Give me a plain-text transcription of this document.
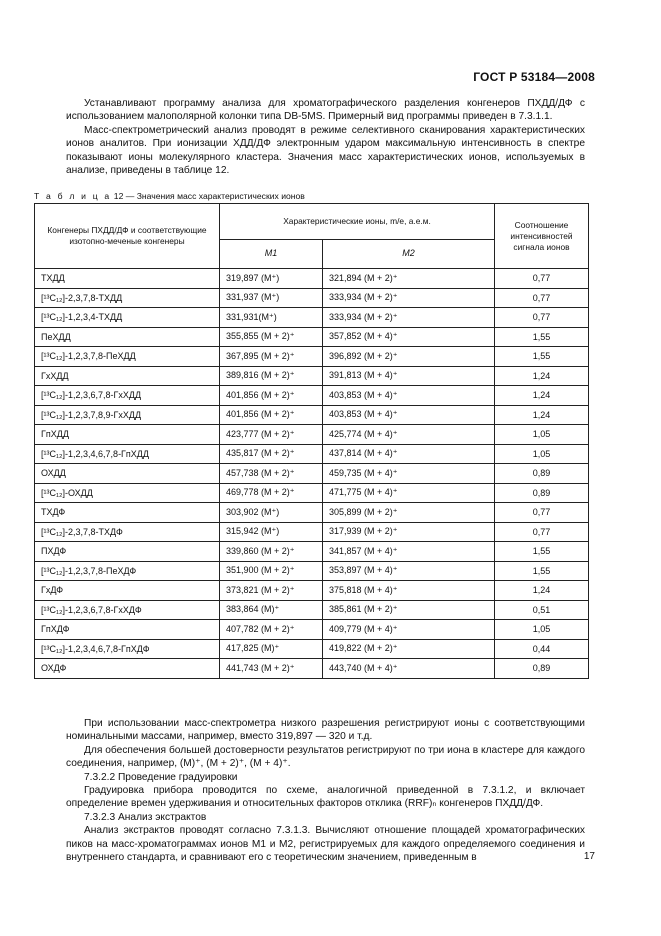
ГОСТ Р 53184—2008

Устанавливают программу анализа для хроматографического разделения конгенеров ПХДД/ДФ с использованием малополярной колонки типа DB-5MS. Примерный вид программы приведен в 7.3.1.1.

Масс-спектрометрический анализ проводят в режиме селективного сканирования характеристических ионов аналитов. При ионизации ХДД/ДФ электронным ударом максимальную интенсивность в спектре показывают ионы молекулярного кластера. Значения масс характеристических ионов, используемых в анализе, приведены в таблице 12.

Т а б л и ц а 12 — Значения масс характеристических ионов
Конгенеры ПХДД/ДФ и соответствующие изотопно-меченые конгенеры	Характеристические ионы, m/e, а.е.м.		Соотношение интенсивностей сигнала ионов
	M1	M2	
ТХДД	319,897 (M⁺)	321,894 (M + 2)⁺	0,77
[¹³C₁₂]-2,3,7,8-ТХДД	331,937 (M⁺)	333,934 (M + 2)⁺	0,77
[¹³C₁₂]-1,2,3,4-ТХДД	331,931(M⁺)	333,934 (M + 2)⁺	0,77
ПеХДД	355,855 (M + 2)⁺	357,852 (M + 4)⁺	1,55
[¹³C₁₂]-1,2,3,7,8-ПеХДД	367,895 (M + 2)⁺	396,892 (M + 2)⁺	1,55
ГхХДД	389,816 (M + 2)⁺	391,813 (M + 4)⁺	1,24
[¹³C₁₂]-1,2,3,6,7,8-ГхХДД	401,856 (M + 2)⁺	403,853 (M + 4)⁺	1,24
[¹³C₁₂]-1,2,3,7,8,9-ГхХДД	401,856 (M + 2)⁺	403,853 (M + 4)⁺	1,24
ГпХДД	423,777 (M + 2)⁺	425,774 (M + 4)⁺	1,05
[¹³C₁₂]-1,2,3,4,6,7,8-ГпХДД	435,817 (M + 2)⁺	437,814 (M + 4)⁺	1,05
ОХДД	457,738 (M + 2)⁺	459,735 (M + 4)⁺	0,89
[¹³C₁₂]-ОХДД	469,778 (M + 2)⁺	471,775 (M + 4)⁺	0,89
ТХДФ	303,902 (M⁺)	305,899 (M + 2)⁺	0,77
[¹³C₁₂]-2,3,7,8-ТХДФ	315,942 (M⁺)	317,939 (M + 2)⁺	0,77
ПХДФ	339,860 (M + 2)⁺	341,857 (M + 4)⁺	1,55
[¹³C₁₂]-1,2,3,7,8-ПеХДФ	351,900 (M + 2)⁺	353,897 (M + 4)⁺	1,55
ГхДФ	373,821 (M + 2)⁺	375,818 (M + 4)⁺	1,24
[¹³C₁₂]-1,2,3,6,7,8-ГхХДФ	383,864 (M)⁺	385,861 (M + 2)⁺	0,51
ГпХДФ	407,782 (M + 2)⁺	409,779 (M + 4)⁺	1,05
[¹³C₁₂]-1,2,3,4,6,7,8-ГпХДФ	417,825 (M)⁺	419,822 (M + 2)⁺	0,44
ОХДФ	441,743 (M + 2)⁺	443,740 (M + 4)⁺	0,89

При использовании масс-спектрометра низкого разрешения регистрируют ионы с соответствующими номинальными массами, например, вместо 319,897 — 320 и т.д.

Для обеспечения большей достоверности результатов регистрируют по три иона в кластере для каждого соединения, например, (M)⁺, (M + 2)⁺, (M + 4)⁺.

7.3.2.2 Проведение градуировки

Градуировка прибора проводится по схеме, аналогичной приведенной в 7.3.1.2, и включает определение времен удерживания и относительных факторов отклика (RRF)ₙ конгенеров ПХДД/ДФ.

7.3.2.3 Анализ экстрактов

Анализ экстрактов проводят согласно 7.3.1.3. Вычисляют отношение площадей хроматографических пиков на масс-хроматограммах ионов M1 и M2, регистрируемых для каждого определяемого соединения и внутреннего стандарта, и сравнивают его с теоретическим значением, приведенным в	17
